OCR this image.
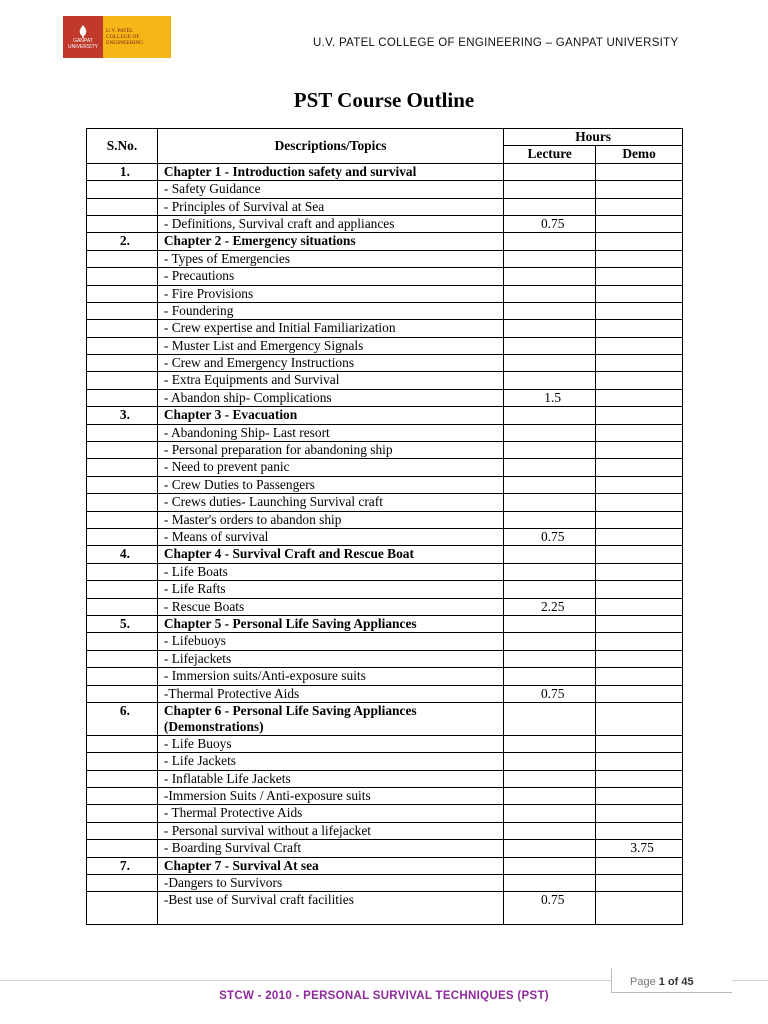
GANPAT
UNIVERSITY
U.V. PATEL
COLLEGE OF
ENGINEERING	U.V. PATEL COLLEGE OF ENGINEERING – GANPAT UNIVERSITY
PST Course Outline
S.No.	Descriptions/Topics	Hours	
		Lecture	Demo
1.	Chapter 1 - Introduction safety and survival		
	- Safety Guidance		
	- Principles of Survival at Sea		
	- Definitions, Survival craft and appliances	0.75	
2.	Chapter 2 - Emergency situations		
	- Types of Emergencies		
	- Precautions		
	- Fire Provisions		
	- Foundering		
	- Crew expertise and Initial Familiarization		
	- Muster List and Emergency Signals		
	- Crew and Emergency Instructions		
	- Extra Equipments and Survival		
	- Abandon ship- Complications	1.5	
3.	Chapter 3 - Evacuation		
	- Abandoning Ship- Last resort		
	- Personal preparation for abandoning ship		
	- Need to prevent panic		
	- Crew Duties to Passengers		
	- Crews duties- Launching Survival craft		
	- Master's orders to abandon ship		
	- Means of survival	0.75	
4.	Chapter 4 - Survival Craft and Rescue Boat		
	- Life Boats		
	- Life Rafts		
	- Rescue Boats	2.25	
5.	Chapter 5 - Personal Life Saving Appliances		
	- Lifebuoys		
	- Lifejackets		
	- Immersion suits/Anti-exposure suits		
	-Thermal Protective Aids	0.75	
6.	Chapter 6 - Personal Life Saving Appliances
(Demonstrations)		

	- Life Buoys		
	- Life Jackets		
	- Inflatable Life Jackets		
	-Immersion Suits / Anti-exposure suits		
	- Thermal Protective Aids		
	- Personal survival without a lifejacket		
	- Boarding Survival Craft		3.75
7.	Chapter 7 - Survival At sea		
	-Dangers to Survivors		
	-Best use of Survival craft facilities	0.75	
Page 1 of 45
STCW - 2010 - PERSONAL SURVIVAL TECHNIQUES (PST)
